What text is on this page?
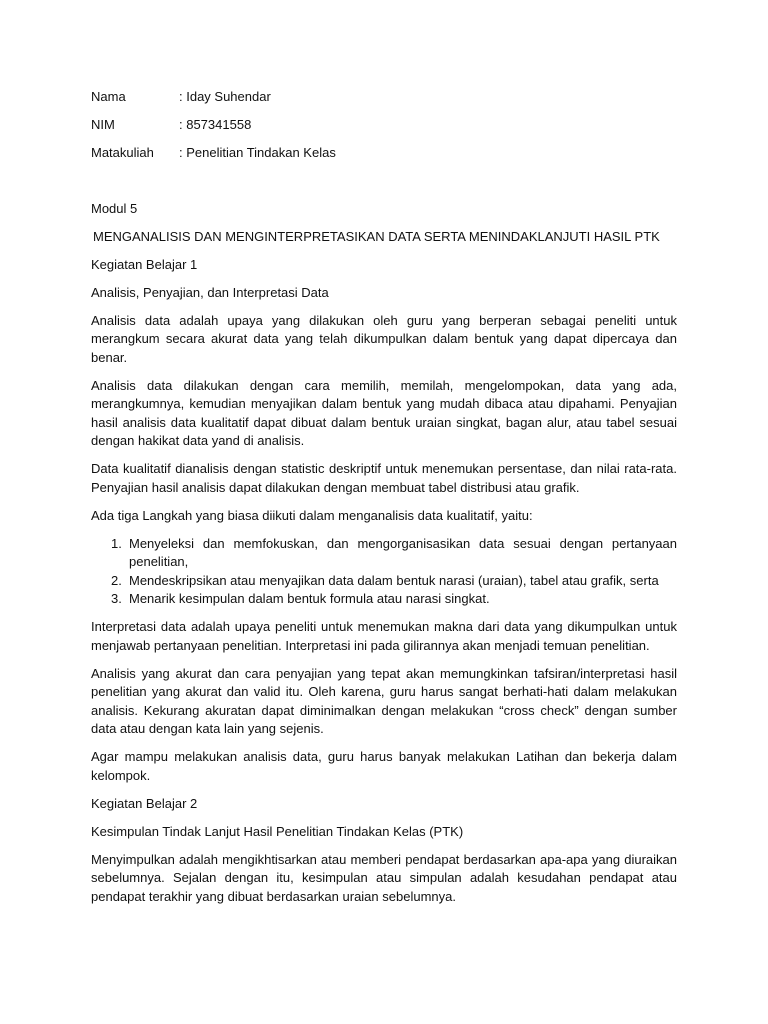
Nama	: Iday Suhendar
NIM	: 857341558
Matakuliah	: Penelitian Tindakan Kelas

Modul 5

MENGANALISIS DAN MENGINTERPRETASIKAN DATA SERTA MENINDAKLANJUTI HASIL PTK

Kegiatan Belajar 1

Analisis, Penyajian, dan Interpretasi Data

Analisis data adalah upaya yang dilakukan oleh guru yang berperan sebagai peneliti untuk merangkum secara akurat data yang telah dikumpulkan dalam bentuk yang dapat dipercaya dan benar.

Analisis data dilakukan dengan cara memilih, memilah, mengelompokan, data yang ada, merangkumnya, kemudian menyajikan dalam bentuk yang mudah dibaca atau dipahami. Penyajian hasil analisis data kualitatif dapat dibuat dalam bentuk uraian singkat, bagan alur, atau tabel sesuai dengan hakikat data yand di analisis.

Data kualitatif dianalisis dengan statistic deskriptif untuk menemukan persentase, dan nilai rata-rata. Penyajian hasil analisis dapat dilakukan dengan membuat tabel distribusi atau grafik.

Ada tiga Langkah yang biasa diikuti dalam menganalisis data kualitatif, yaitu:

1. Menyeleksi dan memfokuskan, dan mengorganisasikan data sesuai dengan pertanyaan penelitian,
2. Mendeskripsikan atau menyajikan data dalam bentuk narasi (uraian), tabel atau grafik, serta
3. Menarik kesimpulan dalam bentuk formula atau narasi singkat.

Interpretasi data adalah upaya peneliti untuk menemukan makna dari data yang dikumpulkan untuk menjawab pertanyaan penelitian. Interpretasi ini pada gilirannya akan menjadi temuan penelitian.

Analisis yang akurat dan cara penyajian yang tepat akan memungkinkan tafsiran/interpretasi hasil penelitian yang akurat dan valid itu. Oleh karena, guru harus sangat berhati-hati dalam melakukan analisis. Kekurang akuratan dapat diminimalkan dengan melakukan “cross check” dengan sumber data atau dengan kata lain yang sejenis.

Agar mampu melakukan analisis data, guru harus banyak melakukan Latihan dan bekerja dalam kelompok.

Kegiatan Belajar 2

Kesimpulan Tindak Lanjut Hasil Penelitian Tindakan Kelas (PTK)

Menyimpulkan adalah mengikhtisarkan atau memberi pendapat berdasarkan apa-apa yang diuraikan sebelumnya. Sejalan dengan itu, kesimpulan atau simpulan adalah kesudahan pendapat atau pendapat terakhir yang dibuat berdasarkan uraian sebelumnya.
